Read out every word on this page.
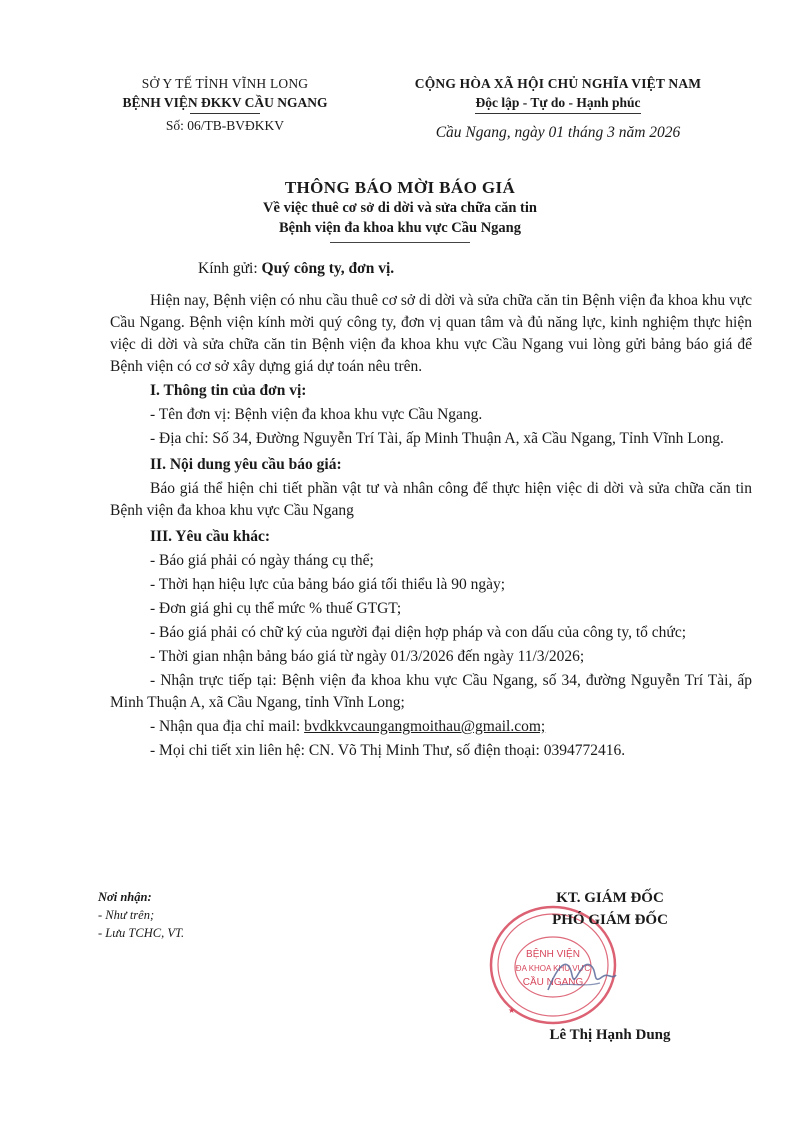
SỞ Y TẾ TỈNH VĨNH LONG
BỆNH VIỆN ĐKKV CẦU NGANG
Số: 06/TB-BVĐKKV
CỘNG HÒA XÃ HỘI CHỦ NGHĨA VIỆT NAM
Độc lập - Tự do - Hạnh phúc
Cầu Ngang, ngày 01 tháng 3 năm 2026
THÔNG BÁO MỜI BÁO GIÁ
Về việc thuê cơ sở di dời và sửa chữa căn tin
Bệnh viện đa khoa khu vực Cầu Ngang
Kính gửi: Quý công ty, đơn vị.

Hiện nay, Bệnh viện có nhu cầu thuê cơ sở di dời và sửa chữa căn tin Bệnh viện đa khoa khu vực Cầu Ngang. Bệnh viện kính mời quý công ty, đơn vị quan tâm và đủ năng lực, kinh nghiệm thực hiện việc di dời và sửa chữa căn tin Bệnh viện đa khoa khu vực Cầu Ngang vui lòng gửi bảng báo giá để Bệnh viện có cơ sở xây dựng giá dự toán nêu trên.

I. Thông tin của đơn vị:

- Tên đơn vị: Bệnh viện đa khoa khu vực Cầu Ngang.

- Địa chỉ: Số 34, Đường Nguyễn Trí Tài, ấp Minh Thuận A, xã Cầu Ngang, Tỉnh Vĩnh Long.

II. Nội dung yêu cầu báo giá:

Báo giá thể hiện chi tiết phần vật tư và nhân công để thực hiện việc di dời và sửa chữa căn tin Bệnh viện đa khoa khu vực Cầu Ngang

III. Yêu cầu khác:

- Báo giá phải có ngày tháng cụ thể;

- Thời hạn hiệu lực của bảng báo giá tối thiểu là 90 ngày;

- Đơn giá ghi cụ thể mức % thuế GTGT;

- Báo giá phải có chữ ký của người đại diện hợp pháp và con dấu của công ty, tổ chức;

- Thời gian nhận bảng báo giá từ ngày 01/3/2026 đến ngày 11/3/2026;

- Nhận trực tiếp tại: Bệnh viện đa khoa khu vực Cầu Ngang, số 34, đường Nguyễn Trí Tài, ấp Minh Thuận A, xã Cầu Ngang, tỉnh Vĩnh Long;

- Nhận qua địa chỉ mail: bvdkkvcaungangmoithau@gmail.com;

- Mọi chi tiết xin liên hệ: CN. Võ Thị Minh Thư, số điện thoại: 0394772416.

Nơi nhận:
- Như trên;
- Lưu TCHC, VT.
BỆNH VIỆN
ĐA KHOA KHU VỰC
CẦU NGANG
★
KT. GIÁM ĐỐC
PHÓ GIÁM ĐỐC
Lê Thị Hạnh Dung
